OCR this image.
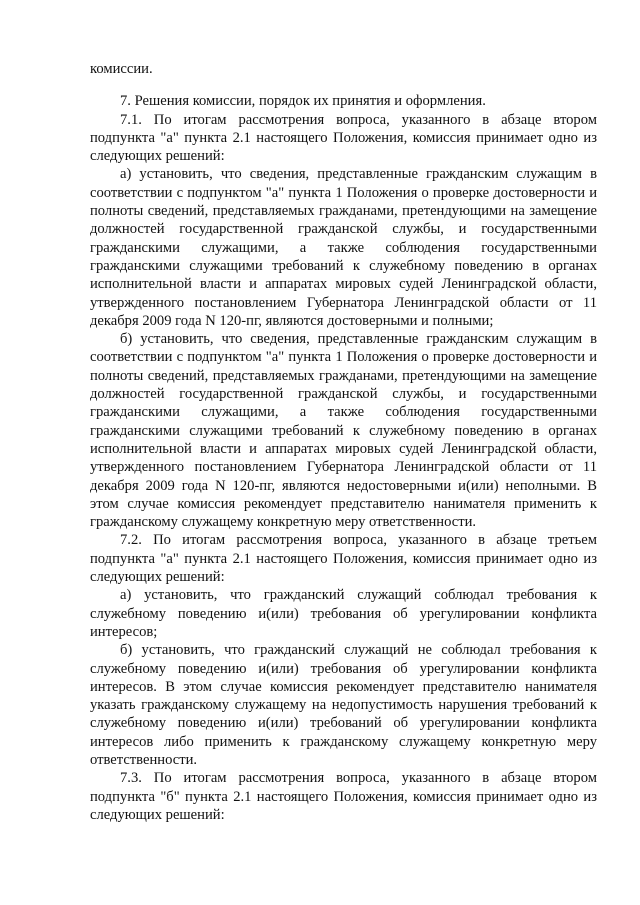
комиссии.

7. Решения комиссии, порядок их принятия и оформления.

7.1. По итогам рассмотрения вопроса, указанного в абзаце втором подпункта "а" пункта 2.1 настоящего Положения, комиссия принимает одно из следующих решений:

а) установить, что сведения, представленные гражданским служащим в соответствии с подпунктом "а" пункта 1 Положения о проверке достоверности и полноты сведений, представляемых гражданами, претендующими на замещение должностей государственной гражданской службы, и государственными гражданскими служащими, а также соблюдения государственными гражданскими служащими требований к служебному поведению в органах исполнительной власти и аппаратах мировых судей Ленинградской области, утвержденного постановлением Губернатора Ленинградской области от 11 декабря 2009 года N 120-пг, являются достоверными и полными;

б) установить, что сведения, представленные гражданским служащим в соответствии с подпунктом "а" пункта 1 Положения о проверке достоверности и полноты сведений, представляемых гражданами, претендующими на замещение должностей государственной гражданской службы, и государственными гражданскими служащими, а также соблюдения государственными гражданскими служащими требований к служебному поведению в органах исполнительной власти и аппаратах мировых судей Ленинградской области, утвержденного постановлением Губернатора Ленинградской области от 11 декабря 2009 года N 120-пг, являются недостоверными и(или) неполными. В этом случае комиссия рекомендует представителю нанимателя применить к гражданскому служащему конкретную меру ответственности.

7.2. По итогам рассмотрения вопроса, указанного в абзаце третьем подпункта "а" пункта 2.1 настоящего Положения, комиссия принимает одно из следующих решений:

а) установить, что гражданский служащий соблюдал требования к служебному поведению и(или) требования об урегулировании конфликта интересов;

б) установить, что гражданский служащий не соблюдал требования к служебному поведению и(или) требования об урегулировании конфликта интересов. В этом случае комиссия рекомендует представителю нанимателя указать гражданскому служащему на недопустимость нарушения требований к служебному поведению и(или) требований об урегулировании конфликта интересов либо применить к гражданскому служащему конкретную меру ответственности.

7.3. По итогам рассмотрения вопроса, указанного в абзаце втором подпункта "б" пункта 2.1 настоящего Положения, комиссия принимает одно из следующих решений:
